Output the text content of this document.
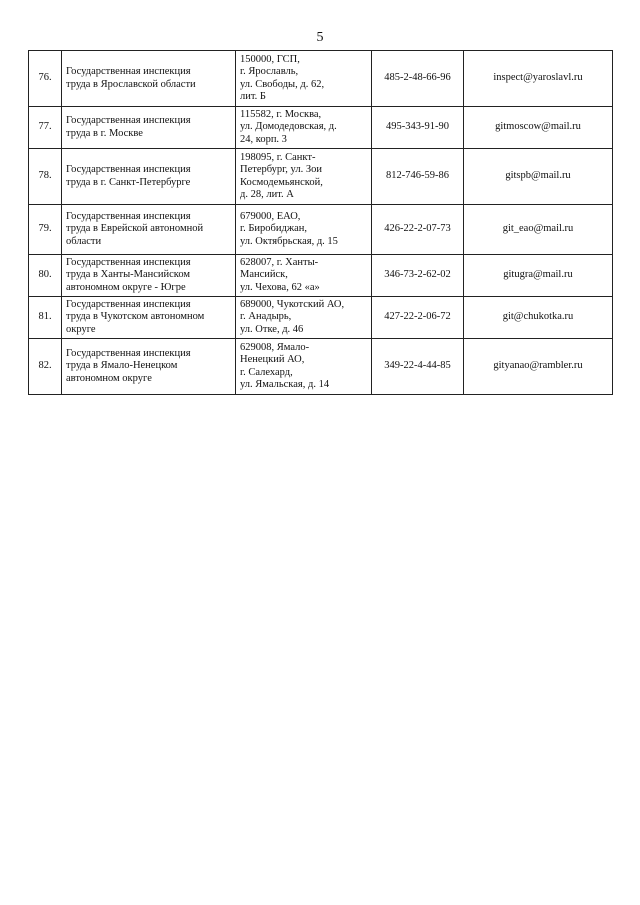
5
76.	Государственная инспекция
труда в Ярославской области	150000, ГСП,
г. Ярославль,
ул. Свободы, д. 62,
лит. Б	485-2-48-66-96	inspect@yaroslavl.ru
77.	Государственная инспекция
труда в г. Москве	115582, г. Москва,
ул. Домодедовская, д.
24, корп. 3	495-343-91-90	gitmoscow@mail.ru
78.	Государственная инспекция
труда в г. Санкт-Петербурге	198095, г. Санкт-
Петербург, ул. Зои
Космодемьянской,
д. 28, лит. А	812-746-59-86	gitspb@mail.ru
79.	Государственная инспекция
труда в Еврейской автономной
области	679000, ЕАО,
г. Биробиджан,
ул. Октябрьская, д. 15	426-22-2-07-73	git_eao@mail.ru
80.	Государственная инспекция
труда в Ханты-Мансийском
автономном округе - Югре	628007, г. Ханты-
Мансийск,
ул. Чехова, 62 «а»	346-73-2-62-02	gitugra@mail.ru
81.	Государственная инспекция
труда в Чукотском автономном
округе	689000, Чукотский АО,
г. Анадырь,
ул. Отке, д. 46	427-22-2-06-72	git@chukotka.ru
82.	Государственная инспекция
труда в Ямало-Ненецком
автономном округе	629008, Ямало-
Ненецкий АО,
г. Салехард,
ул. Ямальская, д. 14	349-22-4-44-85	gityanao@rambler.ru
